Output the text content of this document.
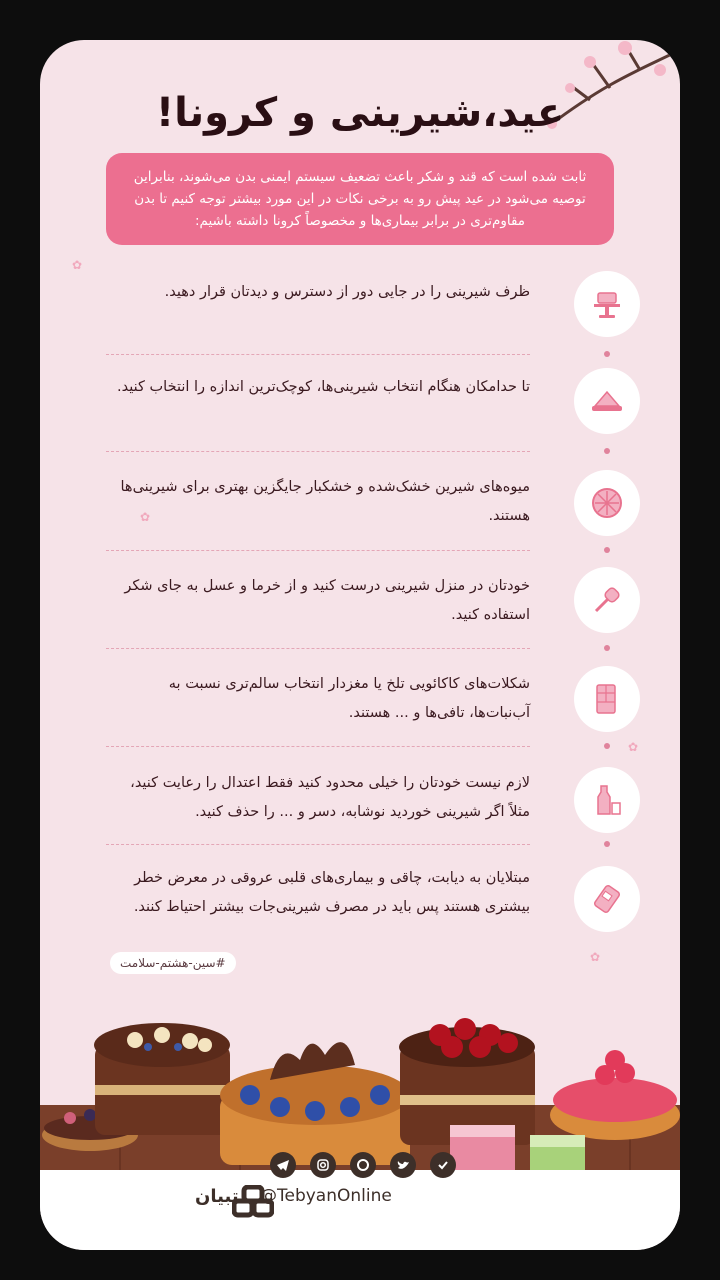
عید،شیرینی و کرونا!
ثابت شده است که قند و شکر باعث تضعیف سیستم ایمنی بدن می‌شوند، بنابراین توصیه می‌شود در عید پیش رو به برخی نکات در این مورد بیشتر توجه کنیم تا بدن مقاوم‌تری در برابر بیماری‌ها و مخصوصاً کرونا داشته باشیم:
ظرف شیرینی را در جایی دور از دسترس و دیدتان قرار دهید.
تا حدامکان هنگام انتخاب شیرینی‌ها، کوچک‌ترین اندازه را انتخاب کنید.
میوه‌های شیرین خشک‌شده و خشکبار جایگزین بهتری برای شیرینی‌ها هستند.
خودتان در منزل شیرینی درست کنید و از خرما و عسل به جای شکر استفاده کنید.
شکلات‌های کاکائویی تلخ یا مغزدار انتخاب سالم‌تری نسبت به آب‌نبات‌ها، تافی‌ها و ... هستند.
لازم نیست خودتان را خیلی محدود کنید فقط اعتدال را رعایت کنید، مثلاً اگر شیرینی خوردید نوشابه، دسر و ... را حذف کنید.
مبتلایان به دیابت، چاقی و بیماری‌های قلبی عروقی در معرض خطر بیشتری هستند پس باید در مصرف شیرینی‌جات بیشتر احتیاط کنند.
#سین-هشتم-سلامت
✿
✿
✿
✿
تبیان @TebyanOnline
